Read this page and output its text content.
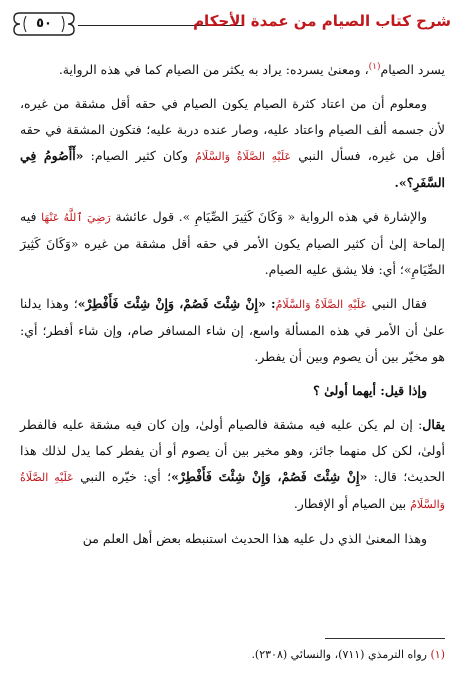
٥٠	شرح كتاب الصيام من عمدة الأحكام

يسرد الصيام$^{(١)}$، ومعنىٰ يسرده: يراد به يكثر من الصيام كما في هذه الرواية.

ومعلوم أن من اعتاد كثرة الصيام يكون الصيام في حقه أقل مشقة من غيره، لأن جسمه ألف الصيام واعتاد عليه، وصار عنده دربة عليه؛ فتكون المشقة في حقه أقل من غيره، فسأل النبي عَلَيْهِ الصَّلَاةُ وَالسَّلَامُ وكان كثير الصيام: «أَأَصُومُ فِي السَّفَرِ؟».

والإشارة في هذه الرواية « وَكَانَ كَثِيرَ الصِّيَامِ ». قول عائشة رَضِيَ ٱللَّهُ عَنْهَا فيه إلماحة إلىٰ أن كثير الصيام يكون الأمر في حقه أقل مشقة من غيره «وَكَانَ كَثِيرَ الصِّيَامِ»؛ أي: فلا يشق عليه الصيام.

فقال النبي عَلَيْهِ الصَّلَاةُ وَالسَّلَامُ: «إِنْ شِئْتَ فَصُمْ، وَإِنْ شِئْتَ فَأَفْطِرْ»؛ وهذا يدلنا علىٰ أن الأمر في هذه المسألة واسع، إن شاء المسافر صام، وإن شاء أفطر؛ أي: هو مخيّر بين أن يصوم وبين أن يفطر.

وإذا قيل: أيهما أولىٰ ؟

يقال: إن لم يكن عليه فيه مشقة فالصيام أولىٰ، وإن كان فيه مشقة عليه فالفطر أولىٰ، لكن كل منهما جائز، وهو مخير بين أن يصوم أو أن يفطر كما يدل لذلك هذا الحديث؛ قال: «إِنْ شِئْتَ فَصُمْ، وَإِنْ شِئْتَ فَأَفْطِرْ»؛ أي: خيّره النبي عَلَيْهِ الصَّلَاةُ وَالسَّلَامُ بين الصيام أو الإفطار.

وهذا المعنىٰ الذي دل عليه هذا الحديث استنبطه بعض أهل العلم من

(١) رواه الترمذي (٧١١)، والنسائي (٢٣٠٨).
